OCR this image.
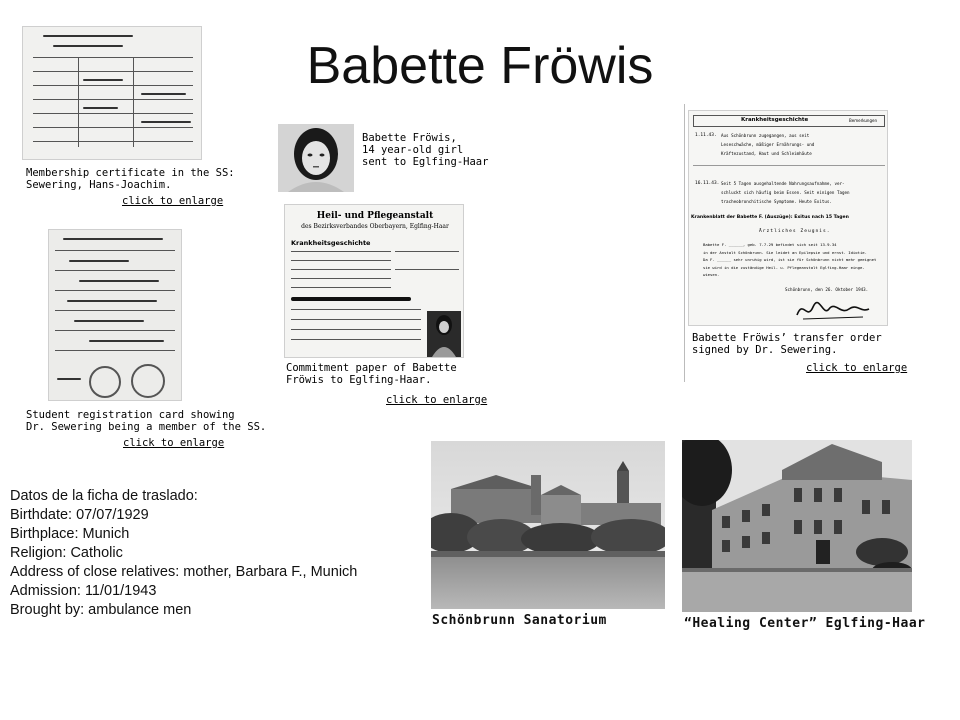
Babette Fröwis
Membership certificate in the SS:
Sewering, Hans-Joachim.
click to enlarge
Student registration card showing
Dr. Sewering being a member of the SS.
click to enlarge
Babette Fröwis,
14 year-old girl
sent to Eglfing-Haar
Heil- und Pflegeanstalt
des Bezirksverbandes Oberbayern, Eglfing-Haar
Krankheitsgeschichte
Commitment paper of Babette
Fröwis to Eglfing-Haar.
click to enlarge
Krankheitsgeschichte	Bemerkungen
1.11.43. Aus Schönbrunn zugegangen, aus seit
Leseschwäche, mäßiger Ernährungs- und
Kräftezustand, Haut und Schleimhäute
16.11.43. Seit 5 Tagen ausgehaltende Nahrungsaufnahme, ver-
schluckt sich häufig beim Essen. Seit einigen Tagen
tracheobronchitische Symptome. Heute Exitus.
Krankenblatt der Babette F. (Auszüge): Exitus nach 15 Tagen
Ärztliches Zeugnis.
Babette F. ______, geb. 7.7.29 befindet sich seit 13.9.34
in der Anstalt Schönbrunn. Sie leidet an Epilepsie und ernst. Idiotie.
Da F. ______ sehr unruhig wird, ist sie für Schönbrunn nicht mehr geeignet
sie wird in die zuständige Heil- u. Pflegeanstalt Eglfing-Haar einge-
wiesen.
Schönbrunn, den 26. Oktober 1943.
Babette Fröwis’ transfer order
signed by Dr. Sewering.
click to enlarge
Datos de la ficha de traslado:
Birthdate: 07/07/1929
Birthplace: Munich
Religion: Catholic
Address of close relatives: mother, Barbara F., Munich
Admission: 11/01/1943
Brought by: ambulance men
Schönbrunn Sanatorium	“Healing Center” Eglfing-Haar
